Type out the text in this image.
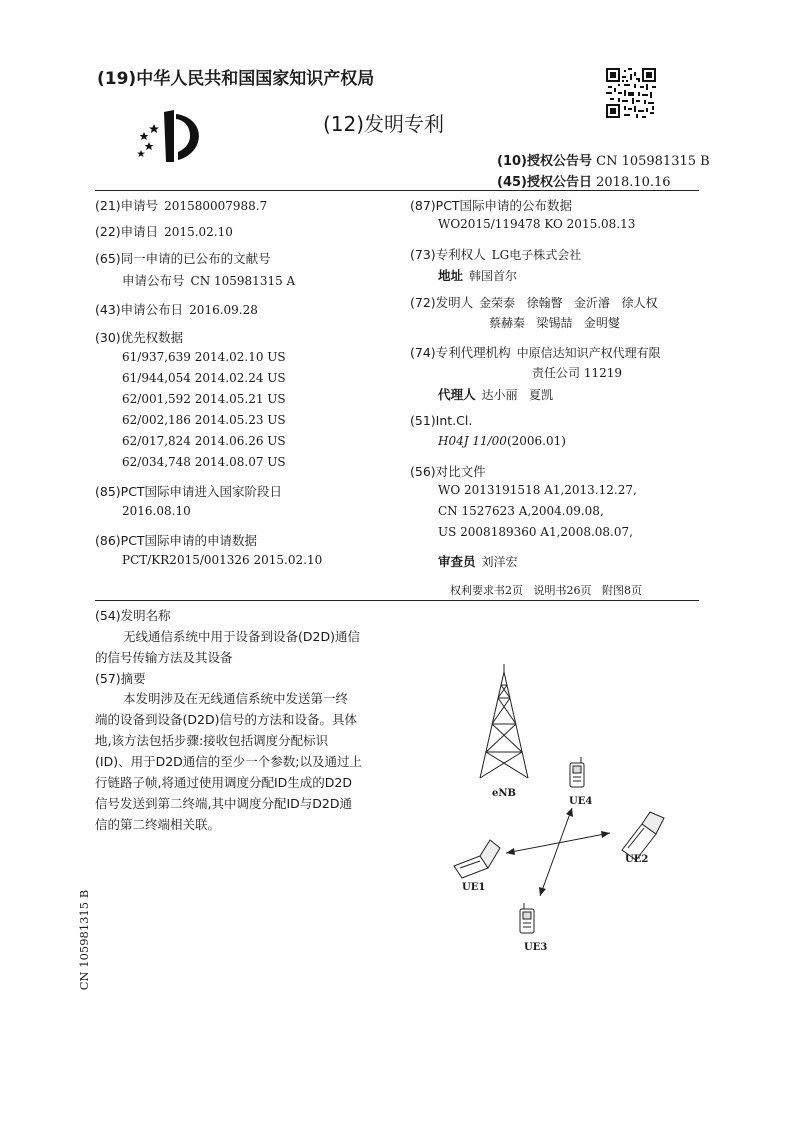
(19)中华人民共和国国家知识产权局
(12)发明专利
(10)授权公告号 CN 105981315 B
(45)授权公告日 2018.10.16
(21)申请号 201580007988.7
(22)申请日 2015.02.10
(65)同一申请的已公布的文献号
申请公布号 CN 105981315 A
(43)申请公布日 2016.09.28
(30)优先权数据
61/937,639 2014.02.10 US
61/944,054 2014.02.24 US
62/001,592 2014.05.21 US
62/002,186 2014.05.23 US
62/017,824 2014.06.26 US
62/034,748 2014.08.07 US
(85)PCT国际申请进入国家阶段日
2016.08.10
(86)PCT国际申请的申请数据
PCT/KR2015/001326 2015.02.10
(87)PCT国际申请的公布数据
WO2015/119478 KO 2015.08.13
(73)专利权人 LG电子株式会社
地址 韩国首尔
(72)发明人 金荣泰   徐翰瞥   金沂濬   徐人权
蔡赫秦   梁锡喆   金明燮
(74)专利代理机构 中原信达知识产权代理有限
责任公司 11219
代理人 达小丽   夏凯
(51)Int.Cl.
H04J 11/00(2006.01)
(56)对比文件
WO 2013191518 A1,2013.12.27,
CN 1527623 A,2004.09.08,
US 2008189360 A1,2008.08.07,
审查员 刘洋宏
权利要求书2页   说明书26页   附图8页
(54)发明名称
无线通信系统中用于设备到设备(D2D)通信
的信号传输方法及其设备
(57)摘要
本发明涉及在无线通信系统中发送第一终
端的设备到设备(D2D)信号的方法和设备。具体
地,该方法包括步骤:接收包括调度分配标识
(ID)、用于D2D通信的至少一个参数;以及通过上
行链路子帧,将通过使用调度分配ID生成的D2D
信号发送到第二终端,其中调度分配ID与D2D通
信的第二终端相关联。
eNB
UE4
UE2
UE1
UE3
CN 105981315 B
